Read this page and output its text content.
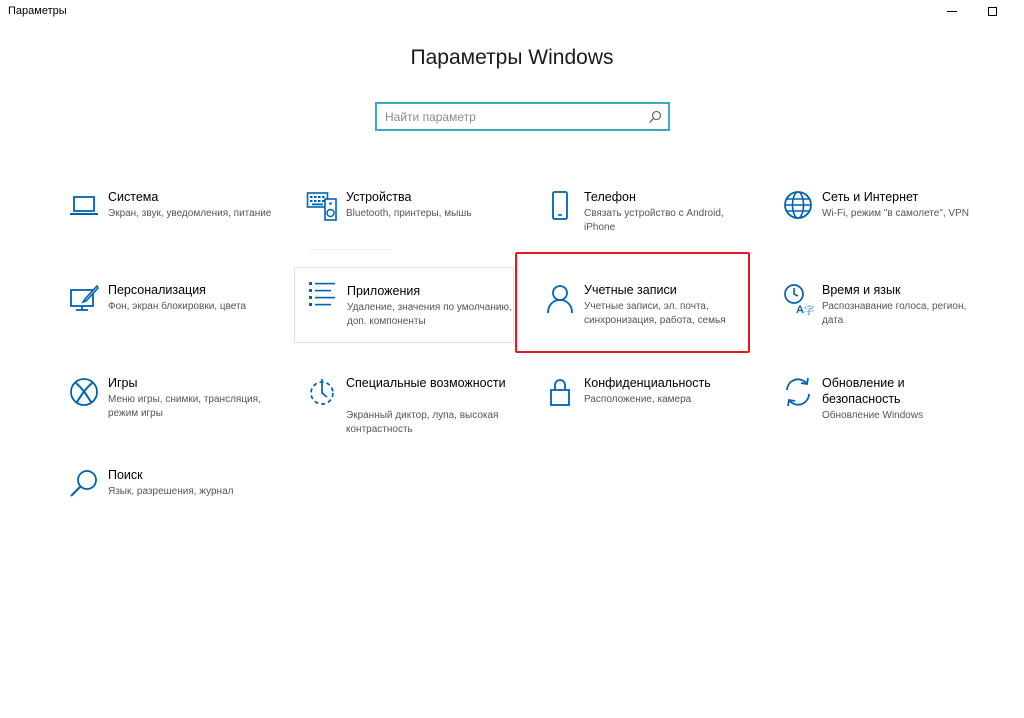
Параметры
Параметры Windows
Найти параметр
Система
Экран, звук, уведомления, питание
Устройства
Bluetooth, принтеры, мышь
Телефон
Связать устройство с Android, iPhone
Сеть и Интернет
Wi-Fi, режим "в самолете", VPN
Персонализация
Фон, экран блокировки, цвета
Приложения
Удаление, значения по умолчанию, доп. компоненты
Учетные записи
Учетные записи, эл. почта, синхронизация, работа, семья
A 字
Время и язык
Распознавание голоса, регион, дата
Игры
Меню игры, снимки, трансляция, режим игры
Специальные возможности
Экранный диктор, лупа, высокая контрастность
Конфиденциальность
Расположение, камера
Обновление и безопасность
Обновление Windows
Поиск
Язык, разрешения, журнал
